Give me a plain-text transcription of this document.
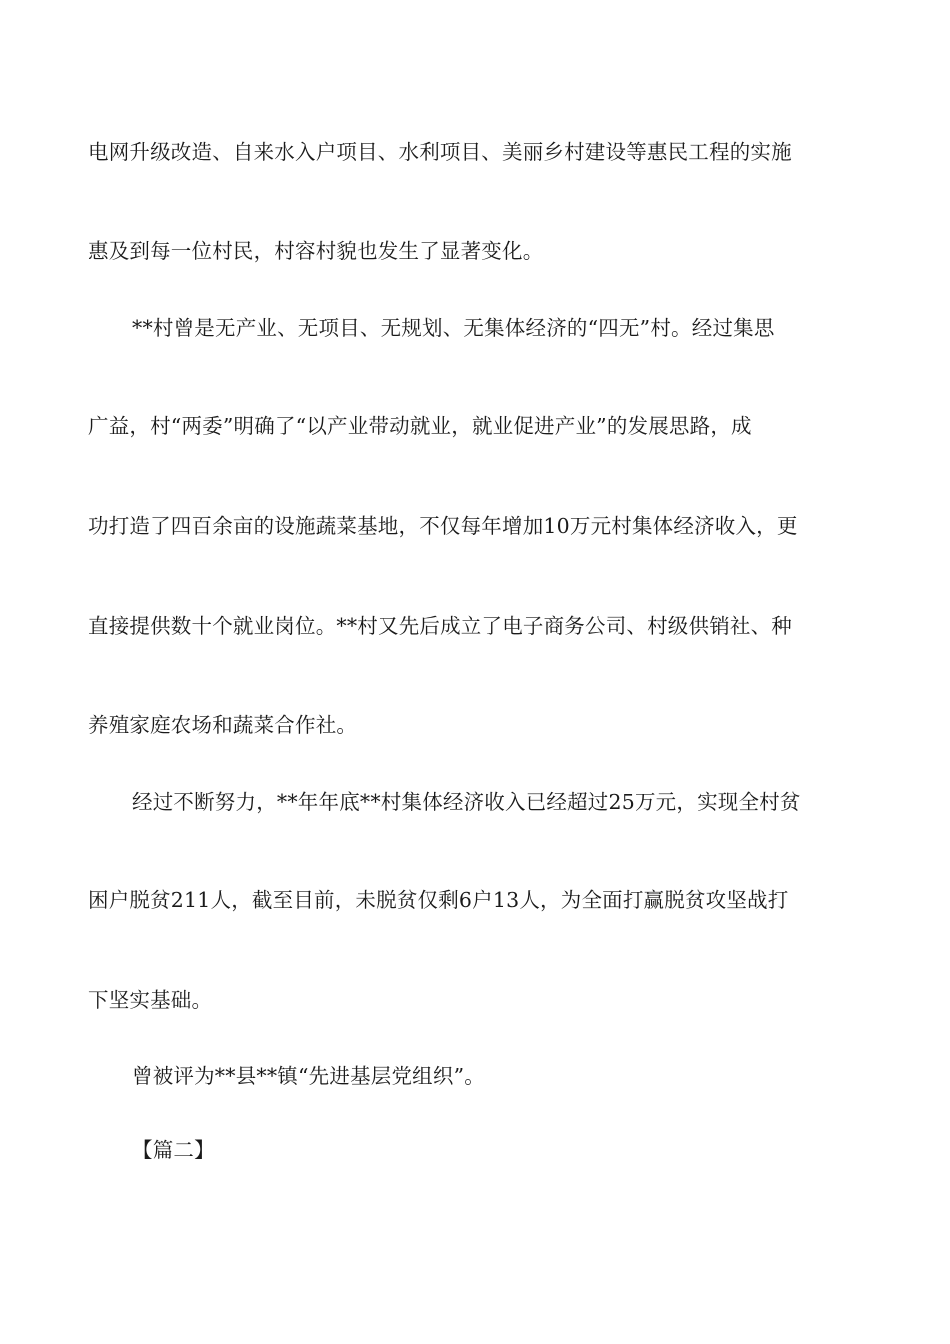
电网升级改造、自来水入户项目、水利项目、美丽乡村建设等惠民工程的实施
惠及到每一位村民，村容村貌也发生了显著变化。
**村曾是无产业、无项目、无规划、无集体经济的“四无”村。经过集思
广益，村“两委”明确了“以产业带动就业，就业促进产业”的发展思路，成
功打造了四百余亩的设施蔬菜基地，不仅每年增加10万元村集体经济收入，更
直接提供数十个就业岗位。**村又先后成立了电子商务公司、村级供销社、种
养殖家庭农场和蔬菜合作社。
经过不断努力，**年年底**村集体经济收入已经超过25万元，实现全村贫
困户脱贫211人，截至目前，未脱贫仅剩6户13人，为全面打赢脱贫攻坚战打
下坚实基础。
曾被评为**县**镇“先进基层党组织”。
【篇二】
